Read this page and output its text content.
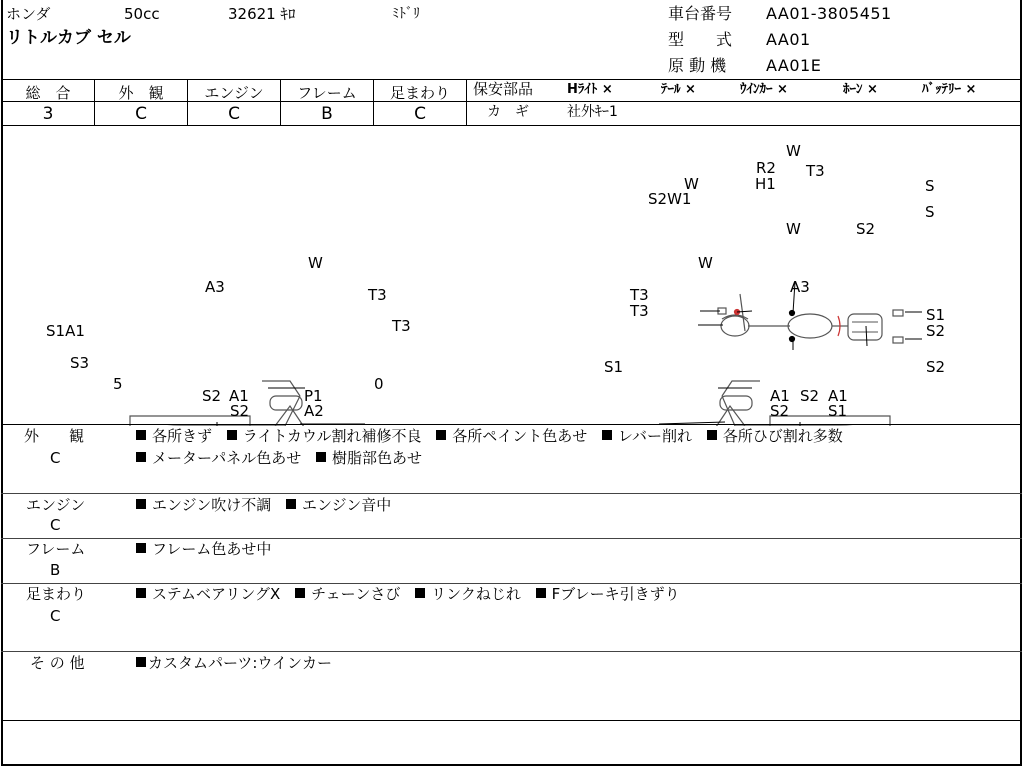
ホンダ	50cc	32621 ｷﾛ	ﾐﾄﾞﾘ
リトルカブ セル
車台番号 AA01-3805451
型　　式 AA01
原 動 機 AA01E
総　合	外　観	エンジン	フレーム	足まわり
3	C	C	B	C
保安部品	Hﾗｲﾄ ×	ﾃｰﾙ ×	ｳｲﾝｶｰ ×	ﾎｰﾝ ×	ﾊﾞｯﾃﾘｰ ×
カ　ギ	社外ｷｰ1
W
R2 T3
W	H1
S2W1
S
S
S2
W
W
A3	T3
S1A1	T3
S3
5	0
S2 A1
S2
P1
A2
W
T3	A3
T3	S1
S2
S1	S2
A1
S2
A1
S2
S1
外　　観
C
各所きず ライトカウル割れ補修不良 各所ペイント色あせ レバー削れ 各所ひび割れ多数
メーターパネル色あせ 樹脂部色あせ
エンジン
C
エンジン吹け不調 エンジン音中
フレーム
B
フレーム色あせ中
足まわり
C
ステムベアリングX チェーンさび リンクねじれ Fブレーキ引きずり
そ の 他	カスタムパーツ:ウインカー
